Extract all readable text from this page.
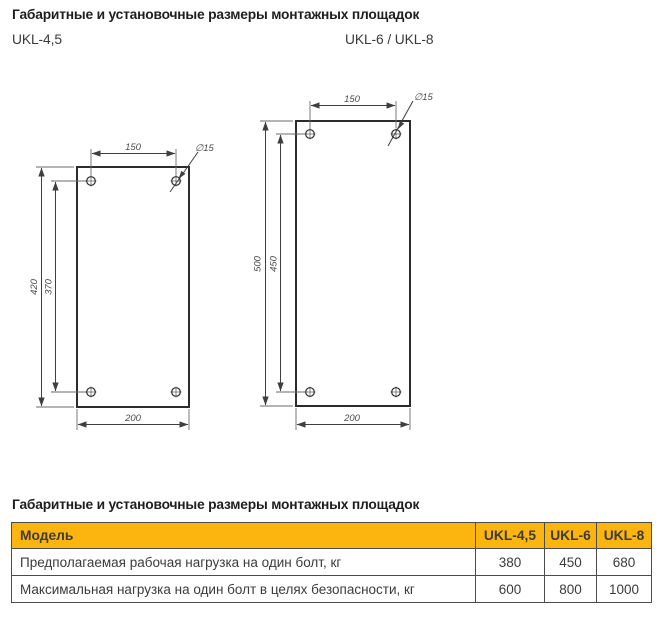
Габаритные и установочные размеры монтажных площадок
UKL-4,5	UKL-6 / UKL-8
150	∅15
420 370
200
150	∅15
500 450
200
Габаритные и установочные размеры монтажных площадок
Модель	UKL-4,5	UKL-6	UKL-8
Предполагаемая рабочая нагрузка на один болт, кг	380	450	680
Максимальная нагрузка на один болт в целях безопасности, кг	600	800	1000
